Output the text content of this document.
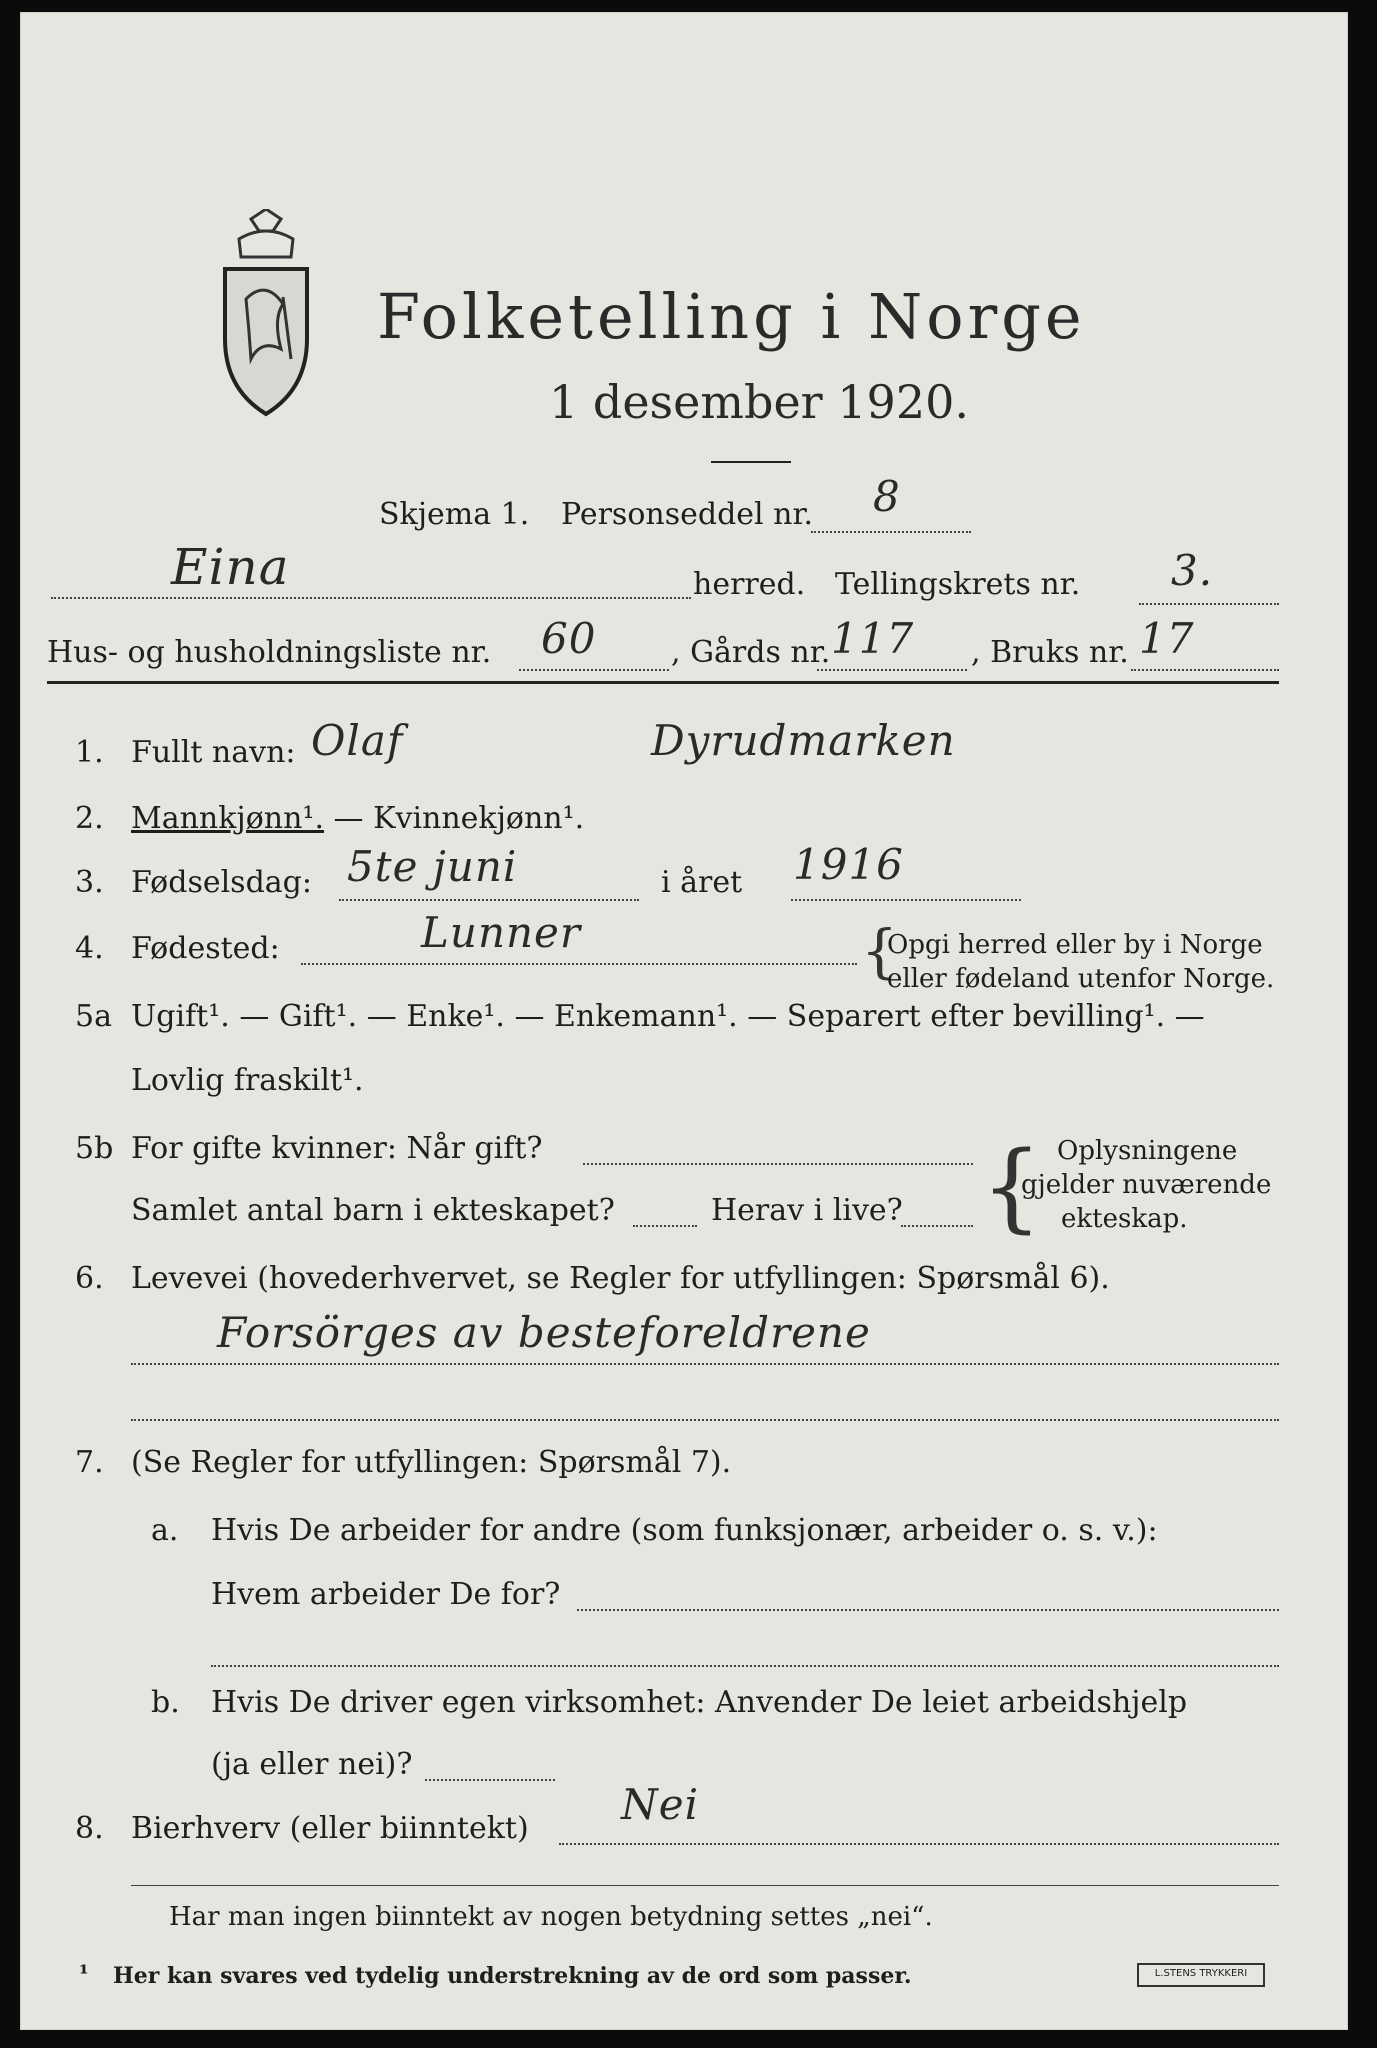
Folketelling i Norge
1 desember 1920.
Skjema 1. Personseddel nr. 8
Eina	herred. Tellingskrets nr. 3.
Hus- og husholdningsliste nr. 60 , Gårds nr. 117 , Bruks nr. 17
1. Fullt navn: Olaf	Dyrudmarken
2. Mannkjønn¹. — Kvinnekjønn¹.
3. Fødselsdag: 5te juni	i året 1916
4. Fødested:	Lunner	{
Opgi herred eller by i Norge
eller fødeland utenfor Norge.
5a Ugift¹. — Gift¹. — Enke¹. — Enkemann¹. — Separert efter bevilling¹. —
Lovlig fraskilt¹.
5b For gifte kvinner: Når gift?
Samlet antal barn i ekteskapet?	Herav i live? { Oplysningene
gjelder nuværende
ekteskap.
6. Levevei (hovederhvervet, se Regler for utfyllingen: Spørsmål 6).
Forsörges av besteforeldrene
7. (Se Regler for utfyllingen: Spørsmål 7).
a. Hvis De arbeider for andre (som funksjonær, arbeider o. s. v.):
Hvem arbeider De for?
b. Hvis De driver egen virksomhet: Anvender De leiet arbeidshjelp
(ja eller nei)?
8. Bierhverv (eller biinntekt) Nei
Har man ingen biinntekt av nogen betydning settes „nei“.
¹ Her kan svares ved tydelig understrekning av de ord som passer.	L.STENS TRYKKERI
